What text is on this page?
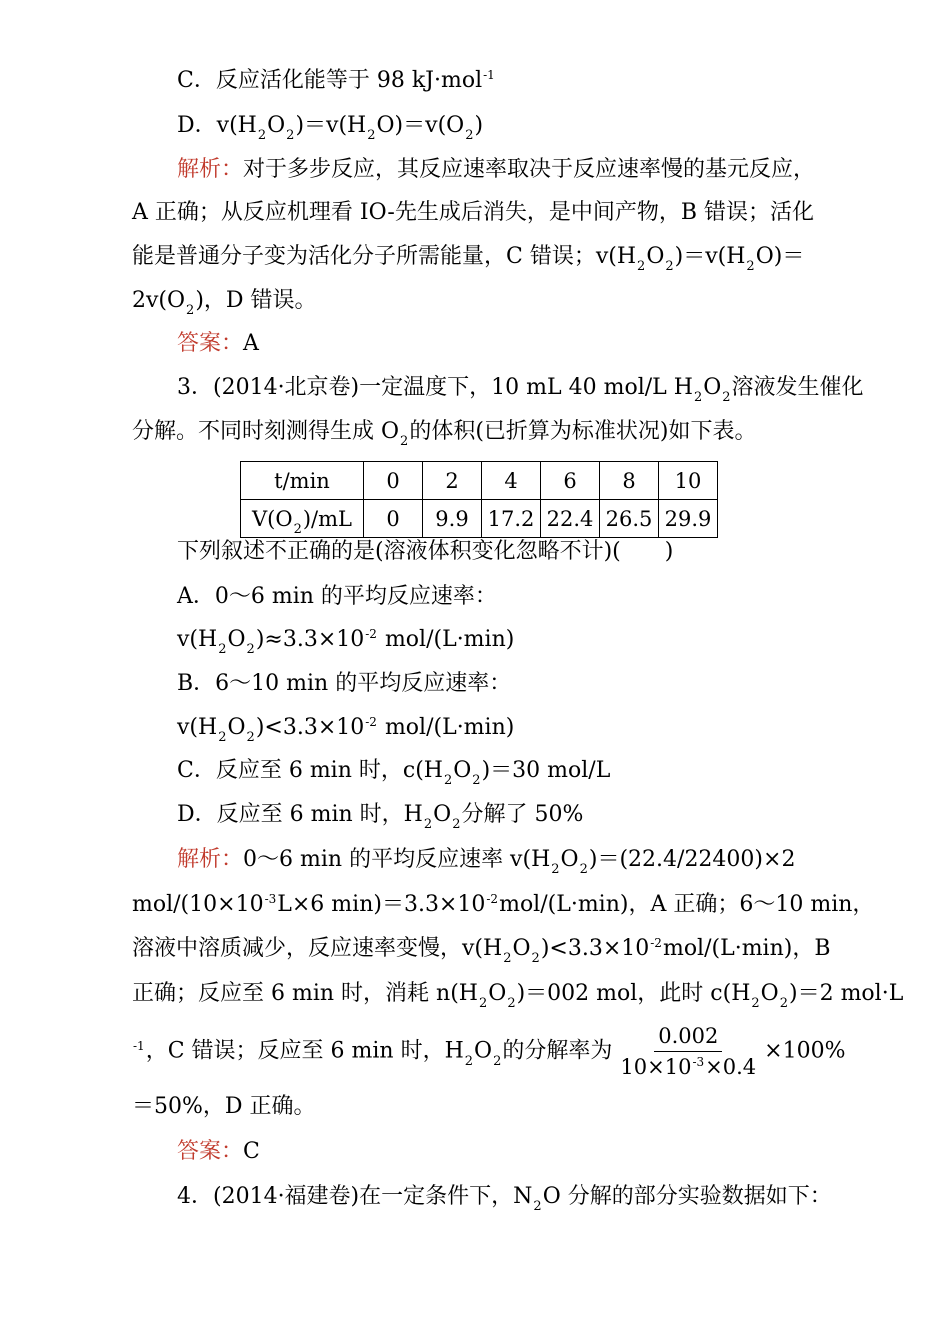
C．反应活化能等于 98 kJ·mol$^{-1}$
D．$v(H_2O_2)=v(H_2O)=v(O_2)$
解析：对于多步反应，其反应速率取决于反应速率慢的基元反应，
A 正确；从反应机理看 IO-先生成后消失，是中间产物，B 错误；活化
能是普通分子变为活化分子所需能量，C 错误；$v(H_2O_2)=v(H_2O)=$
$2v(O_2)$，D 错误。
答案：A
3．(2014·北京卷)一定温度下，10 mL 40 mol/L $H_2O_2$溶液发生催化
分解。不同时刻测得生成 $O_2$的体积(已折算为标准状况)如下表。
t/min	0	2	4	6	8	10
$V(O_2)/mL$	0	9.9	17.2	22.4	26.5	29.9
下列叙述不正确的是(溶液体积变化忽略不计)(　　)
A．0～6 min 的平均反应速率：
$v(H_2O_2)\approx 3.3\times 10^{-2}$ mol/(L·min)
B．6～10 min 的平均反应速率：
$v(H_2O_2)<3.3\times 10^{-2}$ mol/(L·min)
C．反应至 6 min 时，$c(H_2O_2)=30$ mol/L
D．反应至 6 min 时，$H_2O_2$分解了 50%
解析：0～6 min 的平均反应速率 $v(H_2O_2)=(22.4/22400)\times 2$
mol/($10\times 10^{-3}L\times 6$ $\min)=3.3\times 10^{-2}$ mol/(L·min)，A 正确；6～10 min，
溶液中溶质减少，反应速率变慢，$v(H_2O_2)<3.3\times 10^{-2}mol/(L\cdot\min)$，B
正确；反应至 6 min 时，消耗 $n(H_2O_2)=002$ mol，此时 $c(H_2O_2)=2$ mol·L
$^{-1}$，C 错误；反应至 6 min 时，$H_2O_2$的分解率为 $\frac{0.002}{10\times 10^{-3}\times 0.4} \times 100\%$
＝50%，D 正确。
答案：C
4．(2014·福建卷)在一定条件下，$N_2O$ 分解的部分实验数据如下：
